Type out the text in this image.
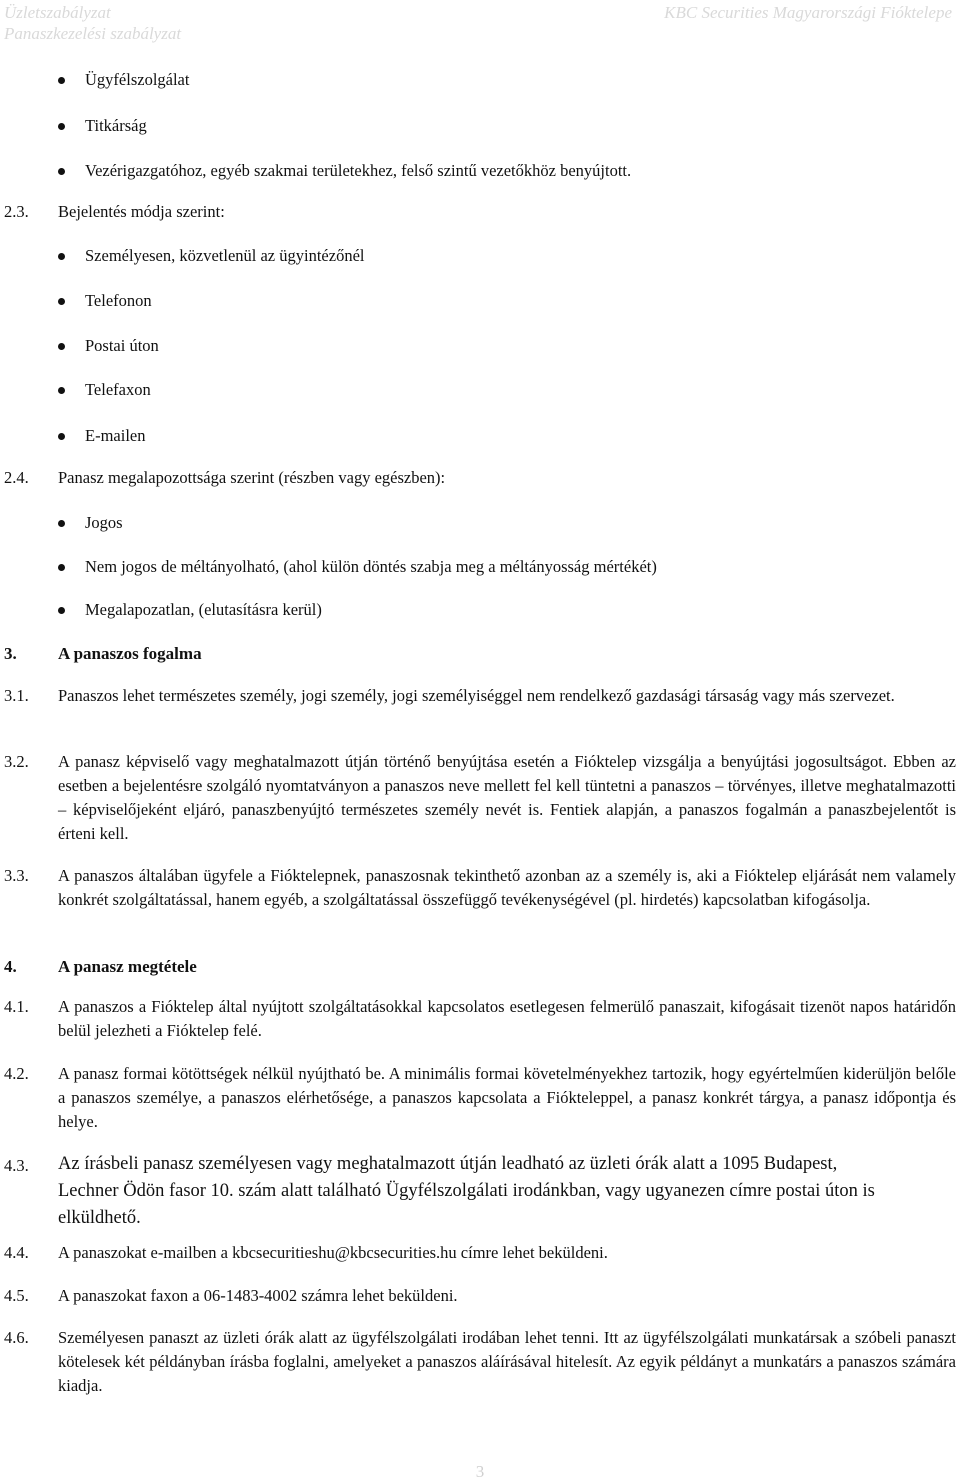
Üzletszabályzat
Panaszkezelési szabályzat
KBC Securities Magyarországi Fióktelepe
Ügyfélszolgálat
Titkárság
Vezérigazgatóhoz, egyéb szakmai területekhez, felső szintű vezetőkhöz benyújtott.
2.3. Bejelentés módja szerint:
Személyesen, közvetlenül az ügyintézőnél
Telefonon
Postai úton
Telefaxon
E-mailen
2.4. Panasz megalapozottsága szerint (részben vagy egészben):
Jogos
Nem jogos de méltányolható, (ahol külön döntés szabja meg a méltányosság mértékét)
Megalapozatlan, (elutasításra kerül)
3. A panaszos fogalma
3.1. Panaszos lehet természetes személy, jogi személy, jogi személyiséggel nem rendelkező gazdasági társaság vagy más szervezet.
3.2. A panasz képviselő vagy meghatalmazott útján történő benyújtása esetén a Fióktelep vizsgálja a benyújtási jogosultságot. Ebben az esetben a bejelentésre szolgáló nyomtatványon a panaszos neve mellett fel kell tüntetni a panaszos – törvényes, illetve meghatalmazotti – képviselőjeként eljáró, panaszbenyújtó természetes személy nevét is. Fentiek alapján, a panaszos fogalmán a panaszbejelentőt is érteni kell.
3.3. A panaszos általában ügyfele a Fióktelepnek, panaszosnak tekinthető azonban az a személy is, aki a Fióktelep eljárását nem valamely konkrét szolgáltatással, hanem egyéb, a szolgáltatással összefüggő tevékenységével (pl. hirdetés) kapcsolatban kifogásolja.
4. A panasz megtétele
4.1. A panaszos a Fióktelep által nyújtott szolgáltatásokkal kapcsolatos esetlegesen felmerülő panaszait, kifogásait tizenöt napos határidőn belül jelezheti a Fióktelep felé.
4.2. A panasz formai kötöttségek nélkül nyújtható be. A minimális formai követelményekhez tartozik, hogy egyértelműen kiderüljön belőle a panaszos személye, a panaszos elérhetősége, a panaszos kapcsolata a Fiókteleppel, a panasz konkrét tárgya, a panasz időpontja és helye.
4.3. Az írásbeli panasz személyesen vagy meghatalmazott útján leadható az üzleti órák alatt a 1095 Budapest, Lechner Ödön fasor 10. szám alatt található Ügyfélszolgálati irodánkban, vagy ugyanezen címre postai úton is elküldhető.
4.4. A panaszokat e-mailben a kbcsecuritieshu@kbcsecurities.hu címre lehet beküldeni.
4.5. A panaszokat faxon a 06-1483-4002 számra lehet beküldeni.
4.6. Személyesen panaszt az üzleti órák alatt az ügyfélszolgálati irodában lehet tenni. Itt az ügyfélszolgálati munkatársak a szóbeli panaszt kötelesek két példányban írásba foglalni, amelyeket a panaszos aláírásával hitelesít. Az egyik példányt a munkatárs a panaszos számára kiadja.
3
